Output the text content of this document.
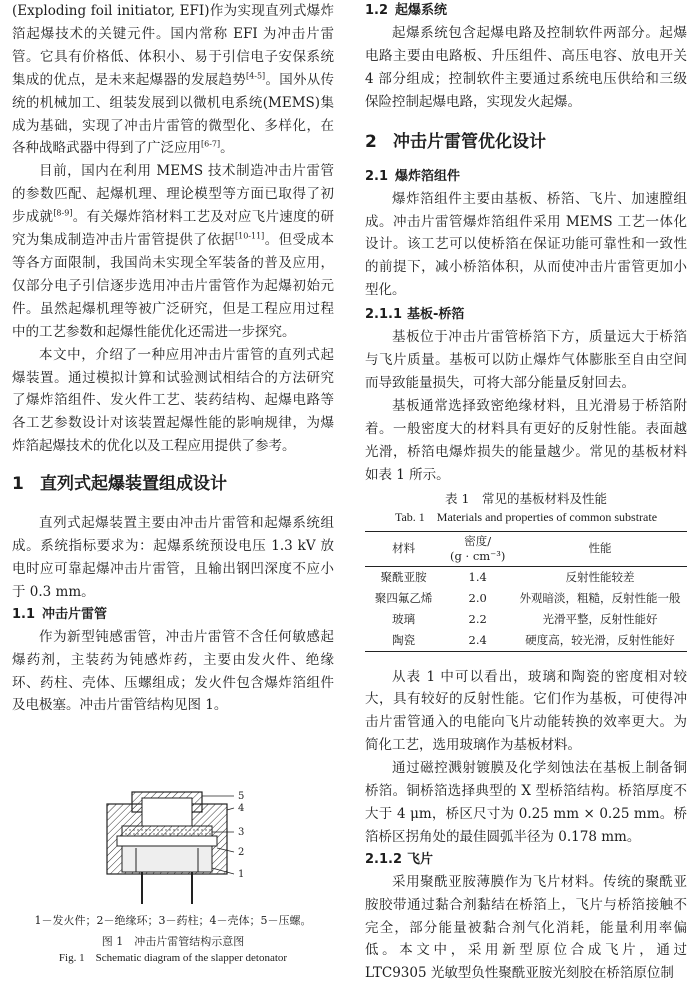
(Exploding foil initiator, EFI)作为实现直列式爆炸箔起爆技术的关键元件。国内常称 EFI 为冲击片雷管。它具有价格低、体积小、易于引信电子安保系统集成的优点，是未来起爆器的发展趋势[4-5]。国外从传统的机械加工、组装发展到以微机电系统(MEMS)集成为基础，实现了冲击片雷管的微型化、多样化，在各种战略武器中得到了广泛应用[6-7]。

目前，国内在利用 MEMS 技术制造冲击片雷管的参数匹配、起爆机理、理论模型等方面已取得了初步成就[8-9]。有关爆炸箔材料工艺及对应飞片速度的研究为集成制造冲击片雷管提供了依据[10-11]。但受成本等各方面限制，我国尚未实现全军装备的普及应用，仅部分电子引信逐步选用冲击片雷管作为起爆初始元件。虽然起爆机理等被广泛研究，但是工程应用过程中的工艺参数和起爆性能优化还需进一步探究。

本文中，介绍了一种应用冲击片雷管的直列式起爆装置。通过模拟计算和试验测试相结合的方法研究了爆炸箔组件、发火件工艺、装药结构、起爆电路等各工艺参数设计对该装置起爆性能的影响规律，为爆炸箔起爆技术的优化以及工程应用提供了参考。

1 直列式起爆装置组成设计

直列式起爆装置主要由冲击片雷管和起爆系统组成。系统指标要求为：起爆系统预设电压 1.3 kV 放电时应可靠起爆冲击片雷管，且输出钢凹深度不应小于 0.3 mm。

1.1 冲击片雷管

作为新型钝感雷管，冲击片雷管不含任何敏感起爆药剂，主装药为钝感炸药，主要由发火件、绝缘环、药柱、壳体、压螺组成；发火件包含爆炸箔组件及电极塞。冲击片雷管结构见图 1。

5
4
3
2
1
1－发火件；2－绝缘环；3－药柱；4－壳体；5－压螺。
图 1　冲击片雷管结构示意图
Fig. 1　Schematic diagram of the slapper detonator
1.2 起爆系统

起爆系统包含起爆电路及控制软件两部分。起爆电路主要由电路板、升压组件、高压电容、放电开关 4 部分组成；控制软件主要通过系统电压供给和三级保险控制起爆电路，实现发火起爆。

2 冲击片雷管优化设计
2.1 爆炸箔组件

爆炸箔组件主要由基板、桥箔、飞片、加速膛组成。冲击片雷管爆炸箔组件采用 MEMS 工艺一体化设计。该工艺可以使桥箔在保证功能可靠性和一致性的前提下，减小桥箔体积，从而使冲击片雷管更加小型化。

2.1.1 基板-桥箔

基板位于冲击片雷管桥箔下方，质量远大于桥箔与飞片质量。基板可以防止爆炸气体膨胀至自由空间而导致能量损失，可将大部分能量反射回去。

基板通常选择致密绝缘材料，且光滑易于桥箔附着。一般密度大的材料具有更好的反射性能。表面越光滑，桥箔电爆炸损失的能量越少。常见的基板材料如表 1 所示。

表 1　常见的基板材料及性能

Tab. 1　Materials and properties of common substrate

材料	密度/
(g · cm⁻³)	性能
聚酰亚胺	1.4	反射性能较差
聚四氟乙烯	2.0	外观暗淡，粗糙，反射性能一般
玻璃	2.2	光滑平整，反射性能好
陶瓷	2.4	硬度高，较光滑，反射性能好

从表 1 中可以看出，玻璃和陶瓷的密度相对较大，具有较好的反射性能。它们作为基板，可使得冲击片雷管通入的电能向飞片动能转换的效率更大。为简化工艺，选用玻璃作为基板材料。

通过磁控溅射镀膜及化学刻蚀法在基板上制备铜桥箔。铜桥箔选择典型的 X 型桥箔结构。桥箔厚度不大于 4 μm，桥区尺寸为 0.25 mm × 0.25 mm。桥箔桥区拐角处的最佳圆弧半径为 0.178 mm。

2.1.2 飞片

采用聚酰亚胺薄膜作为飞片材料。传统的聚酰亚胺胶带通过黏合剂黏结在桥箔上，飞片与桥箔接触不完全，部分能量被黏合剂气化消耗，能量利用率偏低。本文中，采用新型原位合成飞片，通过 LTC9305 光敏型负性聚酰亚胺光刻胶在桥箔原位制
